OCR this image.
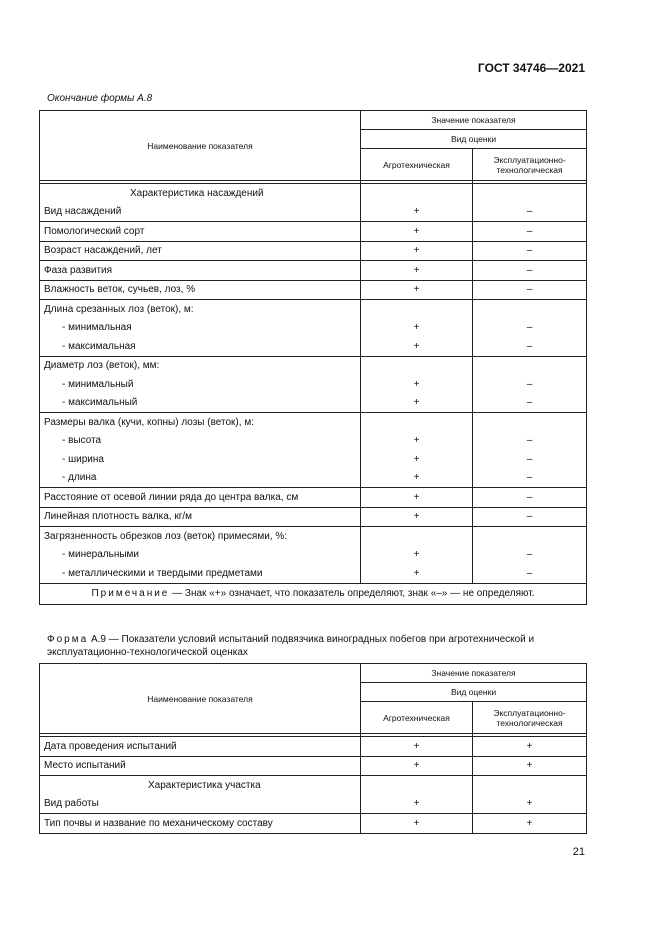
ГОСТ 34746—2021
Окончание формы А.8
Наименование показателя	Значение показателя	
	Вид оценки	
	Агротехническая	Эксплуатационно-технологическая

Характеристика насаждений		
Вид насаждений	+	–
Помологический сорт	+	–
Возраст насаждений, лет	+	–
Фаза развития	+	–
Влажность веток, сучьев, лоз, %	+	–
Длина срезанных лоз (веток), м:		
- минимальная	+	–
- максимальная	+	–
Диаметр лоз (веток), мм:		
- минимальный	+	–
- максимальный	+	–
Размеры валка (кучи, копны) лозы (веток), м:		
- высота	+	–
- ширина	+	–
- длина	+	–
Расстояние от осевой линии ряда до центра валка, см	+	–
Линейная плотность валка, кг/м	+	–
Загрязненность обрезков лоз (веток) примесями, %:		
- минеральными	+	–
- металлическими и твердыми предметами	+	–
Примечание — Знак «+» означает, что показатель определяют, знак «–» — не определяют.		
Форма А.9 — Показатели условий испытаний подвязчика виноградных побегов при агротехнической и эксплуатационно-технологической оценках
Наименование показателя	Значение показателя	
	Вид оценки	
	Агротехническая	Эксплуатационно-технологическая

Дата проведения испытаний	+	+
Место испытаний	+	+
Характеристика участка		
Вид работы	+	+
Тип почвы и название по механическому составу	+	+
21
